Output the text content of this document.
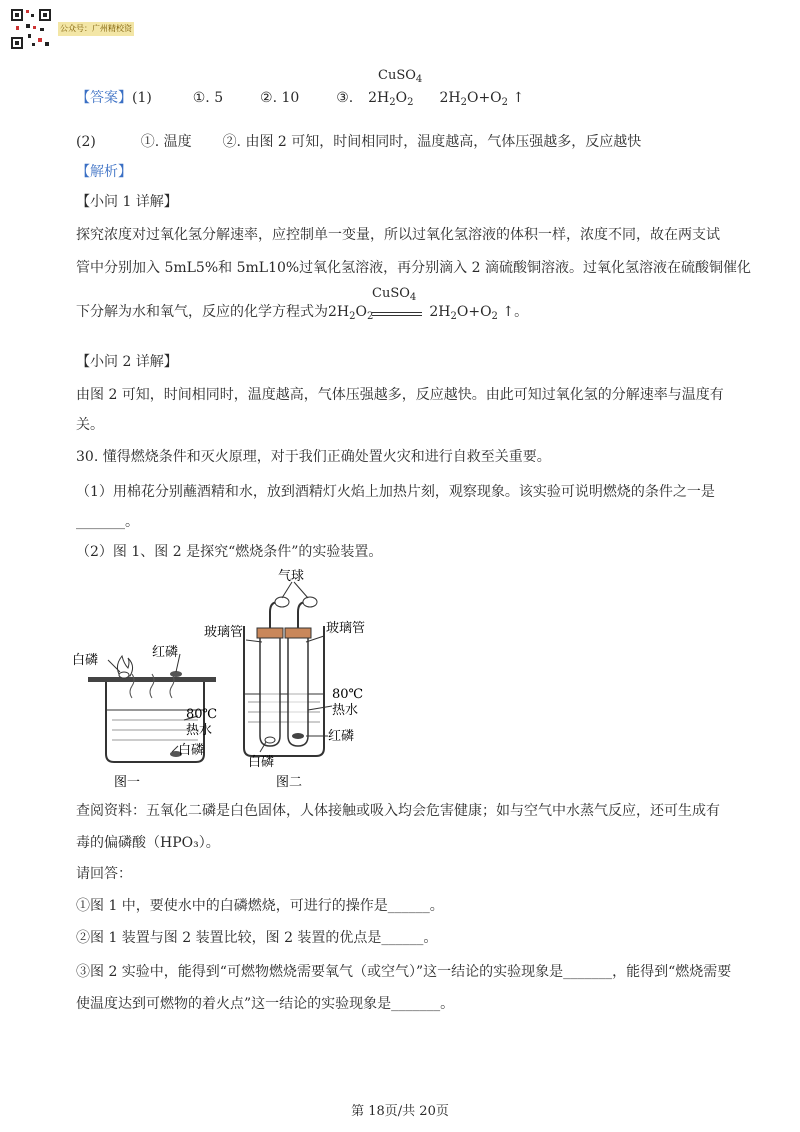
公众号：广州精校资
【答案】(1)	①. 5	②. 10	③. $2H_2O_2$ $2H_2O+O_2$ ↑
CuSO$_4$
(2)	①. 温度 ②. 由图 2 可知，时间相同时，温度越高，气体压强越多，反应越快
【解析】
【小问 1 详解】
探究浓度对过氧化氢分解速率，应控制单一变量，所以过氧化氢溶液的体积一样，浓度不同，故在两支试
管中分别加入 5mL5%和 5mL10%过氧化氢溶液，再分别滴入 2 滴硫酸铜溶液。过氧化氢溶液在硫酸铜催化
下分解为水和氧气，反应的化学方程式为$2H_2O_2$	$2H_2O+O_2$ ↑。
CuSO$_4$
【小问 2 详解】
由图 2 可知，时间相同时，温度越高，气体压强越多，反应越快。由此可知过氧化氢的分解速率与温度有
关。
30. 懂得燃烧条件和灭火原理，对于我们正确处置火灾和进行自救至关重要。
（1）用棉花分别蘸酒精和水，放到酒精灯火焰上加热片刻，观察现象。该实验可说明燃烧的条件之一是
_______。
（2）图 1、图 2 是探究“燃烧条件”的实验装置。
白磷
红磷
80℃
热水
白磷
图一
气球
玻璃管	玻璃管
80℃
热水
红磷
白磷
图二
查阅资料：五氧化二磷是白色固体，人体接触或吸入均会危害健康；如与空气中水蒸气反应，还可生成有
毒的偏磷酸（HPO₃）。
请回答：
①图 1 中，要使水中的白磷燃烧，可进行的操作是______。
②图 1 装置与图 2 装置比较，图 2 装置的优点是______。
③图 2 实验中，能得到“可燃物燃烧需要氧气（或空气）”这一结论的实验现象是_______，能得到“燃烧需要
使温度达到可燃物的着火点”这一结论的实验现象是_______。
第 18页/共 20页
